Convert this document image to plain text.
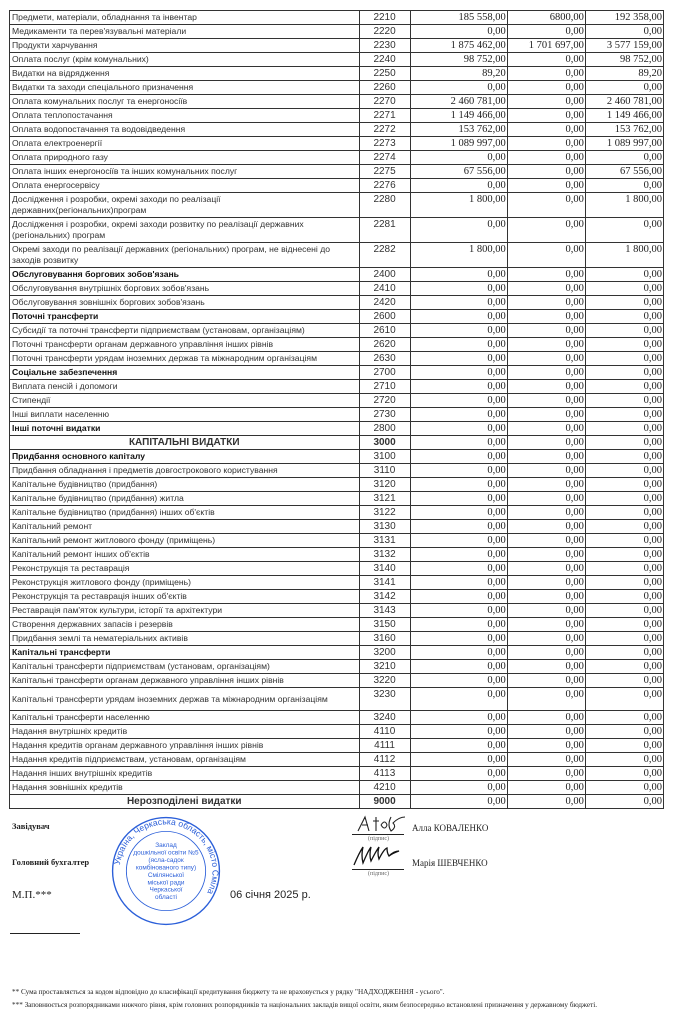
Предмети, матеріали, обладнання та інвентар	2210	185 558,00	6800,00	192 358,00
Медикаменти та перев'язувальні матеріали	2220	0,00	0,00	0,00
Продукти харчування	2230	1 875 462,00	1 701 697,00	3 577 159,00
Оплата послуг (крім комунальних)	2240	98 752,00	0,00	98 752,00
Видатки на відрядження	2250	89,20	0,00	89,20
Видатки та заходи спеціального призначення	2260	0,00	0,00	0,00
Оплата комунальних послуг та енергоносіїв	2270	2 460 781,00	0,00	2 460 781,00
Оплата теплопостачання	2271	1 149 466,00	0,00	1 149 466,00
Оплата водопостачання та водовідведення	2272	153 762,00	0,00	153 762,00
Оплата електроенергії	2273	1 089 997,00	0,00	1 089 997,00
Оплата природного газу	2274	0,00	0,00	0,00
Оплата інших енергоносіїв та інших комунальних послуг	2275	67 556,00	0,00	67 556,00
Оплата енергосервісу	2276	0,00	0,00	0,00
Дослідження і розробки, окремі заходи по реалізації державних(регіональних)програм	2280	1 800,00	0,00	1 800,00
Дослідження і розробки, окремі заходи розвитку по реалізації державних (регіональних) програм	2281	0,00	0,00	0,00
Окремі заходи по реалізації державних (регіональних) програм, не віднесені до заходів розвитку	2282	1 800,00	0,00	1 800,00
Обслуговування боргових зобов'язань	2400	0,00	0,00	0,00
Обслуговування внутрішніх боргових зобов'язань	2410	0,00	0,00	0,00
Обслуговування зовнішніх боргових зобов'язань	2420	0,00	0,00	0,00
Поточні трансферти	2600	0,00	0,00	0,00
Субсидії та поточні трансферти підприємствам (установам, організаціям)	2610	0,00	0,00	0,00
Поточні трансферти органам державного управління інших рівнів	2620	0,00	0,00	0,00
Поточні трансферти урядам іноземних держав та міжнародним організаціям	2630	0,00	0,00	0,00
Соціальне забезпечення	2700	0,00	0,00	0,00
Виплата пенсій і допомоги	2710	0,00	0,00	0,00
Стипендії	2720	0,00	0,00	0,00
Інші виплати населенню	2730	0,00	0,00	0,00
Інші поточні видатки	2800	0,00	0,00	0,00
КАПІТАЛЬНІ ВИДАТКИ	3000	0,00	0,00	0,00
Придбання основного капіталу	3100	0,00	0,00	0,00
Придбання обладнання і предметів довгострокового користування	3110	0,00	0,00	0,00
Капітальне будівництво (придбання)	3120	0,00	0,00	0,00
Капітальне будівництво (придбання) житла	3121	0,00	0,00	0,00
Капітальне будівництво (придбання) інших об'єктів	3122	0,00	0,00	0,00
Капітальний ремонт	3130	0,00	0,00	0,00
Капітальний ремонт житлового фонду (приміщень)	3131	0,00	0,00	0,00
Капітальний ремонт інших об'єктів	3132	0,00	0,00	0,00
Реконструкція та реставрація	3140	0,00	0,00	0,00
Реконструкція житлового фонду (приміщень)	3141	0,00	0,00	0,00
Реконструкція та реставрація інших об'єктів	3142	0,00	0,00	0,00
Реставрація пам'яток культури, історії та архітектури	3143	0,00	0,00	0,00
Створення державних запасів і резервів	3150	0,00	0,00	0,00
Придбання землі та нематеріальних активів	3160	0,00	0,00	0,00
Капітальні трансферти	3200	0,00	0,00	0,00
Капітальні трансферти підприємствам (установам, організаціям)	3210	0,00	0,00	0,00
Капітальні трансферти органам державного управління інших рівнів	3220	0,00	0,00	0,00
Капітальні трансферти урядам іноземних держав та міжнародним організаціям	3230	0,00	0,00	0,00
Капітальні трансферти населенню	3240	0,00	0,00	0,00
Надання внутрішніх кредитів	4110	0,00	0,00	0,00
Надання кредитів органам державного управління інших рівнів	4111	0,00	0,00	0,00
Надання кредитів підприємствам, установам, організаціям	4112	0,00	0,00	0,00
Надання інших внутрішніх кредитів	4113	0,00	0,00	0,00
Надання зовнішніх кредитів	4210	0,00	0,00	0,00
Нерозподілені видатки	9000	0,00	0,00	0,00
Завідувач
(підпис)
Алла КОВАЛЕНКО
Головний бухгалтер
(підпис)
Марія ШЕВЧЕНКО
М.П.***	06 січня 2025 р.
Україна, Черкаська область, місто Сміла
Заклад
дошкільної освіти №5
(ясла-садок
комбінованого типу)
Смілянської
міської ради
Черкаської
області
** Сума проставляється за кодом відповідно до класифікації кредитування бюджету та не враховується у рядку "НАДХОДЖЕННЯ - усього".
*** Заповнюється розпорядниками нижчого рівня, крім головних розпорядників та національних закладів вищої освіти, яким безпосередньо встановлені призначення у державному бюджеті.
